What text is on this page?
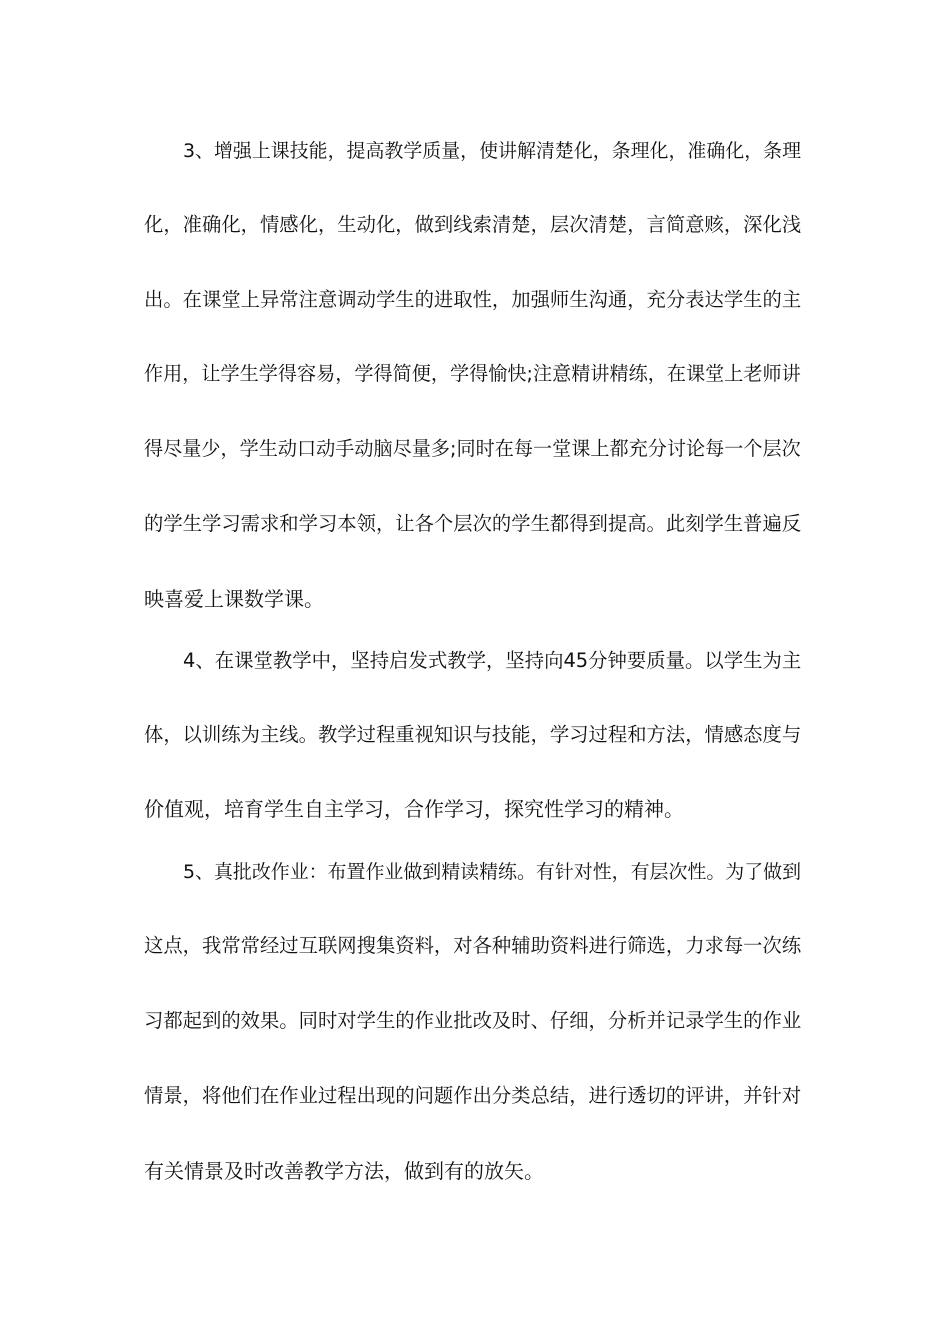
3、增强上课技能，提高教学质量，使讲解清楚化，条理化，准确化，条理
化，准确化，情感化，生动化，做到线索清楚，层次清楚，言简意赅，深化浅
出。在课堂上异常注意调动学生的进取性，加强师生沟通，充分表达学生的主
作用，让学生学得容易，学得简便，学得愉快;注意精讲精练，在课堂上老师讲
得尽量少，学生动口动手动脑尽量多;同时在每一堂课上都充分讨论每一个层次
的学生学习需求和学习本领，让各个层次的学生都得到提高。此刻学生普遍反
映喜爱上课数学课。
4、在课堂教学中，坚持启发式教学，坚持向45分钟要质量。以学生为主
体，以训练为主线。教学过程重视知识与技能，学习过程和方法，情感态度与
价值观，培育学生自主学习，合作学习，探究性学习的精神。
5、真批改作业：布置作业做到精读精练。有针对性，有层次性。为了做到
这点，我常常经过互联网搜集资料，对各种辅助资料进行筛选，力求每一次练
习都起到的效果。同时对学生的作业批改及时、仔细，分析并记录学生的作业
情景，将他们在作业过程出现的问题作出分类总结，进行透切的评讲，并针对
有关情景及时改善教学方法，做到有的放矢。
